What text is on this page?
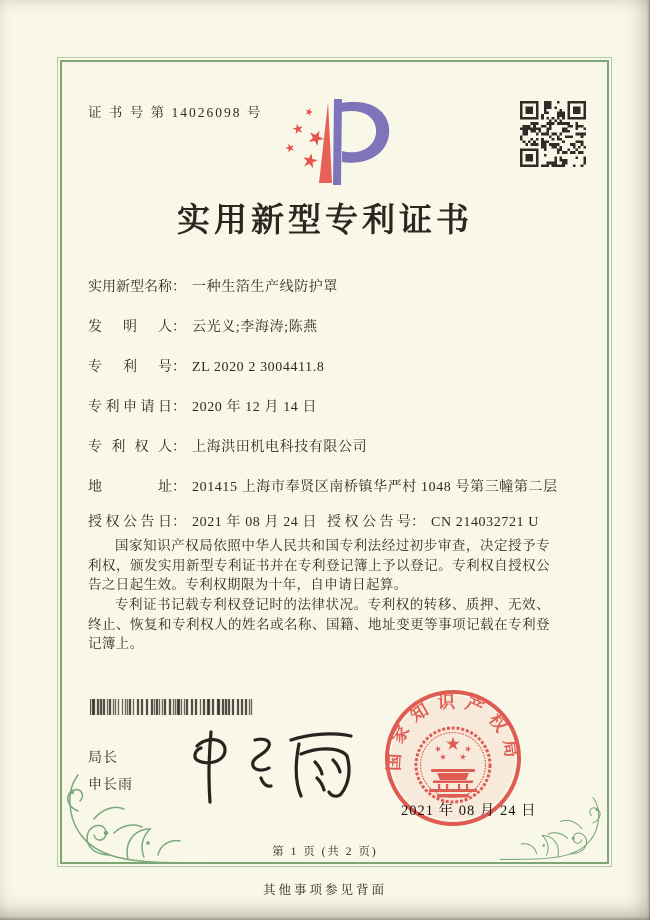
证 书 号 第 14026098 号
实用新型专利证书
实用新型名称： 一种生箔生产线防护罩
发明人： 云光义;李海涛;陈燕
专利号： ZL 2020 2 3004411.8
专利申请日： 2020 年 12 月 14 日
专利权人： 上海洪田机电科技有限公司
地址： 201415 上海市奉贤区南桥镇华严村 1048 号第三幢第二层
授权公告日： 2021 年 08 月 24 日 授权公告号： CN 214032721 U

国家知识产权局依照中华人民共和国专利法经过初步审查，决定授予专利权，颁发实用新型专利证书并在专利登记簿上予以登记。专利权自授权公告之日起生效。专利权期限为十年，自申请日起算。

专利证书记载专利权登记时的法律状况。专利权的转移、质押、无效、终止、恢复和专利权人的姓名或名称、国籍、地址变更等事项记载在专利登记簿上。

局长
申长雨
国家知识产权局
2021 年 08 月 24 日
第 1 页 (共 2 页)
其他事项参见背面
